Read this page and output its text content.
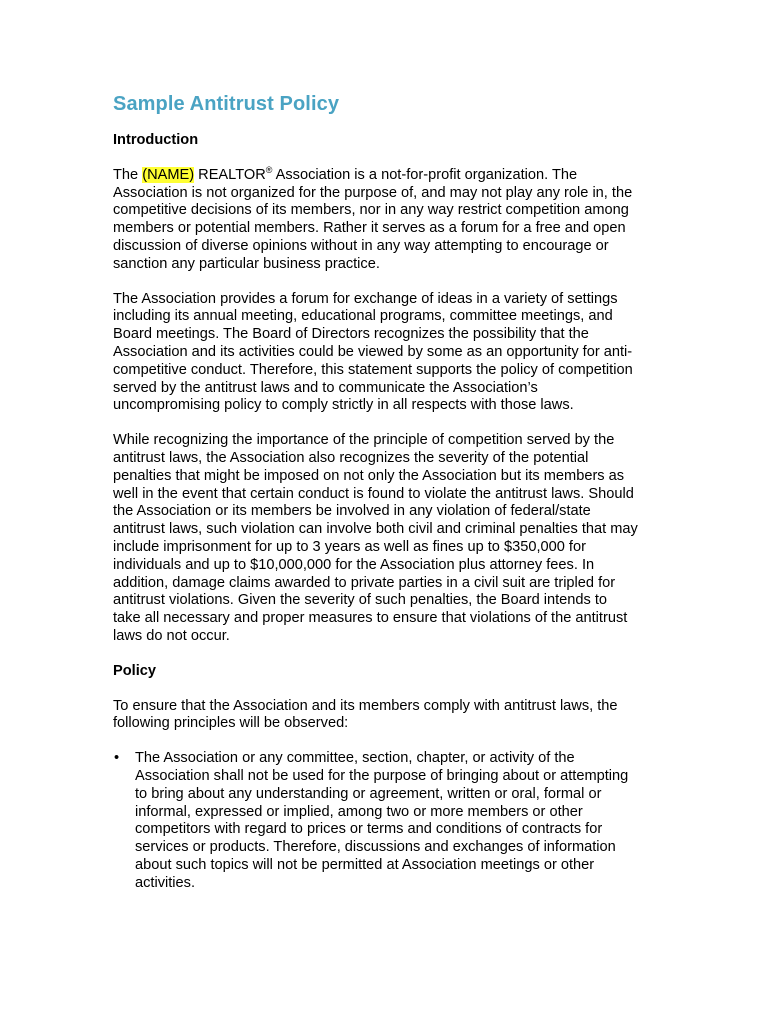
Sample Antitrust Policy
Introduction
The (NAME) REALTOR® Association is a not-for-profit organization. The
Association is not organized for the purpose of, and may not play any role in, the
competitive decisions of its members, nor in any way restrict competition among
members or potential members. Rather it serves as a forum for a free and open
discussion of diverse opinions without in any way attempting to encourage or
sanction any particular business practice.
The Association provides a forum for exchange of ideas in a variety of settings
including its annual meeting, educational programs, committee meetings, and
Board meetings. The Board of Directors recognizes the possibility that the
Association and its activities could be viewed by some as an opportunity for anti-
competitive conduct. Therefore, this statement supports the policy of competition
served by the antitrust laws and to communicate the Association’s
uncompromising policy to comply strictly in all respects with those laws.
While recognizing the importance of the principle of competition served by the
antitrust laws, the Association also recognizes the severity of the potential
penalties that might be imposed on not only the Association but its members as
well in the event that certain conduct is found to violate the antitrust laws. Should
the Association or its members be involved in any violation of federal/state
antitrust laws, such violation can involve both civil and criminal penalties that may
include imprisonment for up to 3 years as well as fines up to $350,000 for
individuals and up to $10,000,000 for the Association plus attorney fees. In
addition, damage claims awarded to private parties in a civil suit are tripled for
antitrust violations. Given the severity of such penalties, the Board intends to
take all necessary and proper measures to ensure that violations of the antitrust
laws do not occur.
Policy
To ensure that the Association and its members comply with antitrust laws, the
following principles will be observed:
• The Association or any committee, section, chapter, or activity of the
Association shall not be used for the purpose of bringing about or attempting
to bring about any understanding or agreement, written or oral, formal or
informal, expressed or implied, among two or more members or other
competitors with regard to prices or terms and conditions of contracts for
services or products. Therefore, discussions and exchanges of information
about such topics will not be permitted at Association meetings or other
activities.
